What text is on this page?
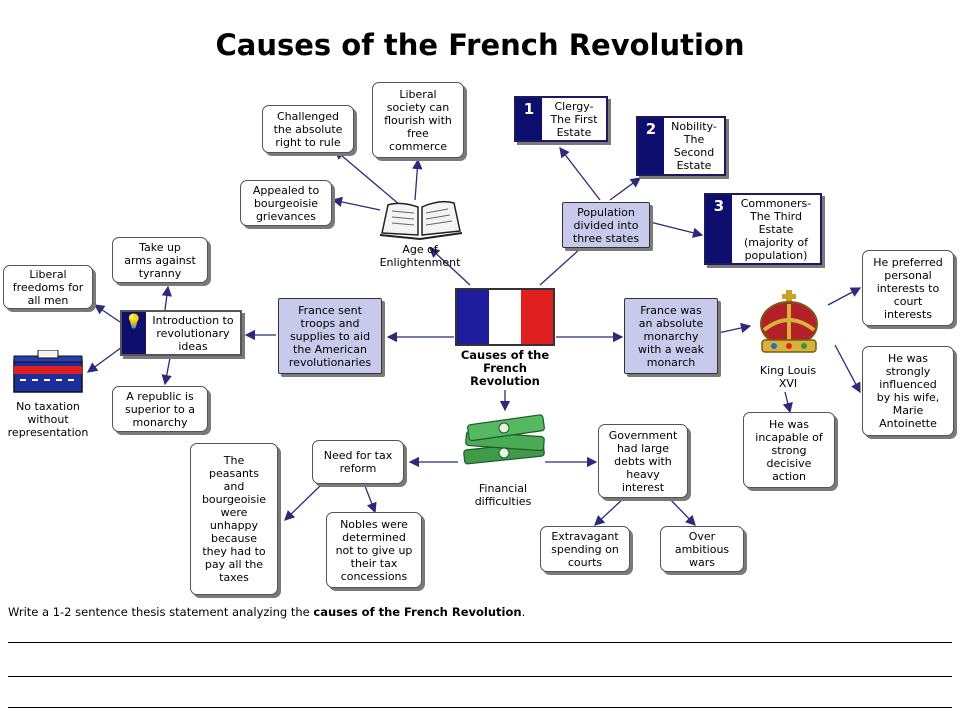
Causes of the French Revolution
Causes of the
French
Revolution
Age of
Enlightenment
Challenged
the absolute
right to rule
Liberal
society can
flourish with
free
commerce
Appealed to
bourgeoisie
grievances	Population
divided into
three states
1	Clergy-
The First
Estate	2	Nobility-
The
Second
Estate
3	Commoners-
The Third
Estate
(majority of
population)
France sent
troops and
supplies to aid
the American
revolutionaries
💡 Introduction to
revolutionary
ideas
Take up
arms against
tyranny
Liberal
freedoms for
all men
A republic is
superior to a
monarchy
No taxation
without
representation
France was
an absolute
monarchy
with a weak
monarch
King Louis
XVI
He preferred
personal
interests to
court
interests
He was
strongly
influenced
by his wife,
Marie
Antoinette
He was
incapable of
strong
decisive
action
Financial
difficulties
Need for tax
reform
The
peasants
and
bourgeoisie
were
unhappy
because
they had to
pay all the
taxes
Nobles were
determined
not to give up
their tax
concessions
Government
had large
debts with
heavy
interest
Extravagant
spending on
courts
Over
ambitious
wars
Write a 1-2 sentence thesis statement analyzing the causes of the French Revolution.
